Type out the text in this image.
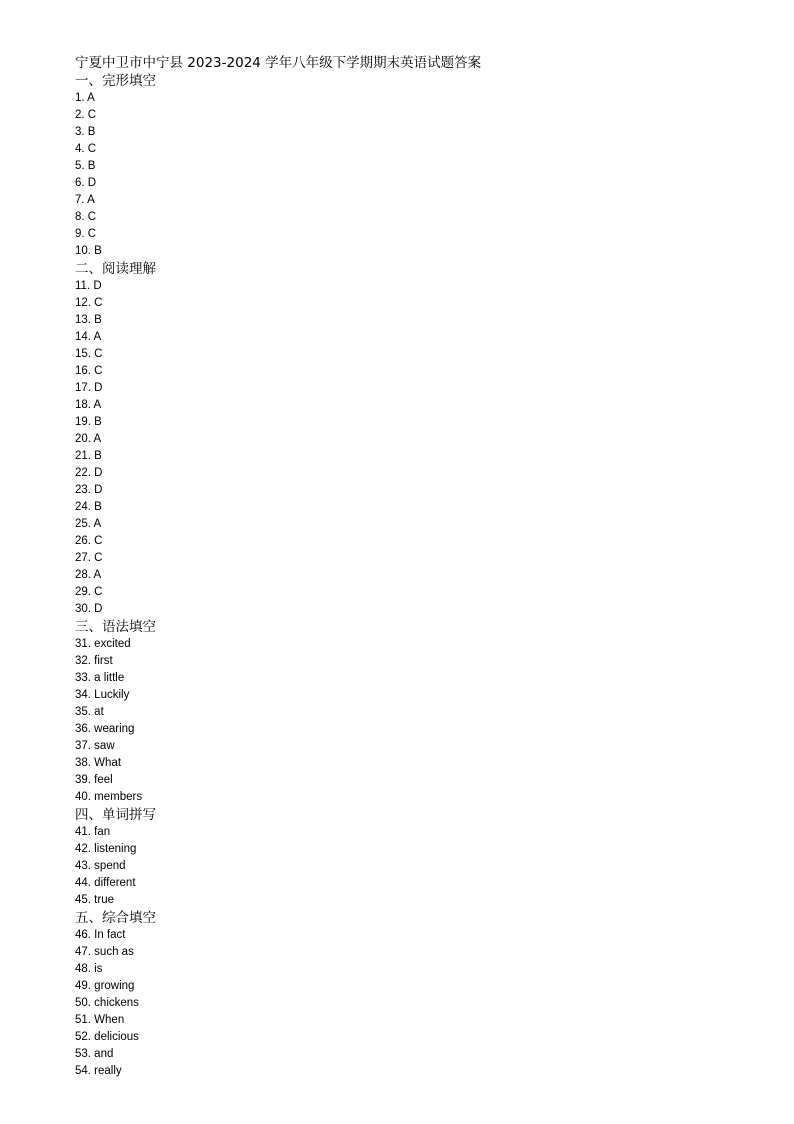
宁夏中卫市中宁县 2023-2024 学年八年级下学期期末英语试题答案
一、完形填空
1. A
2. C
3. B
4. C
5. B
6. D
7. A
8. C
9. C
10. B
二、阅读理解
11. D
12. C
13. B
14. A
15. C
16. C
17. D
18. A
19. B
20. A
21. B
22. D
23. D
24. B
25. A
26. C
27. C
28. A
29. C
30. D
三、语法填空
31. excited
32. first
33. a little
34. Luckily
35. at
36. wearing
37. saw
38. What
39. feel
40. members
四、单词拼写
41. fan
42. listening
43. spend
44. different
45. true
五、综合填空
46. In fact
47. such as
48. is
49. growing
50. chickens
51. When
52. delicious
53. and
54. really
